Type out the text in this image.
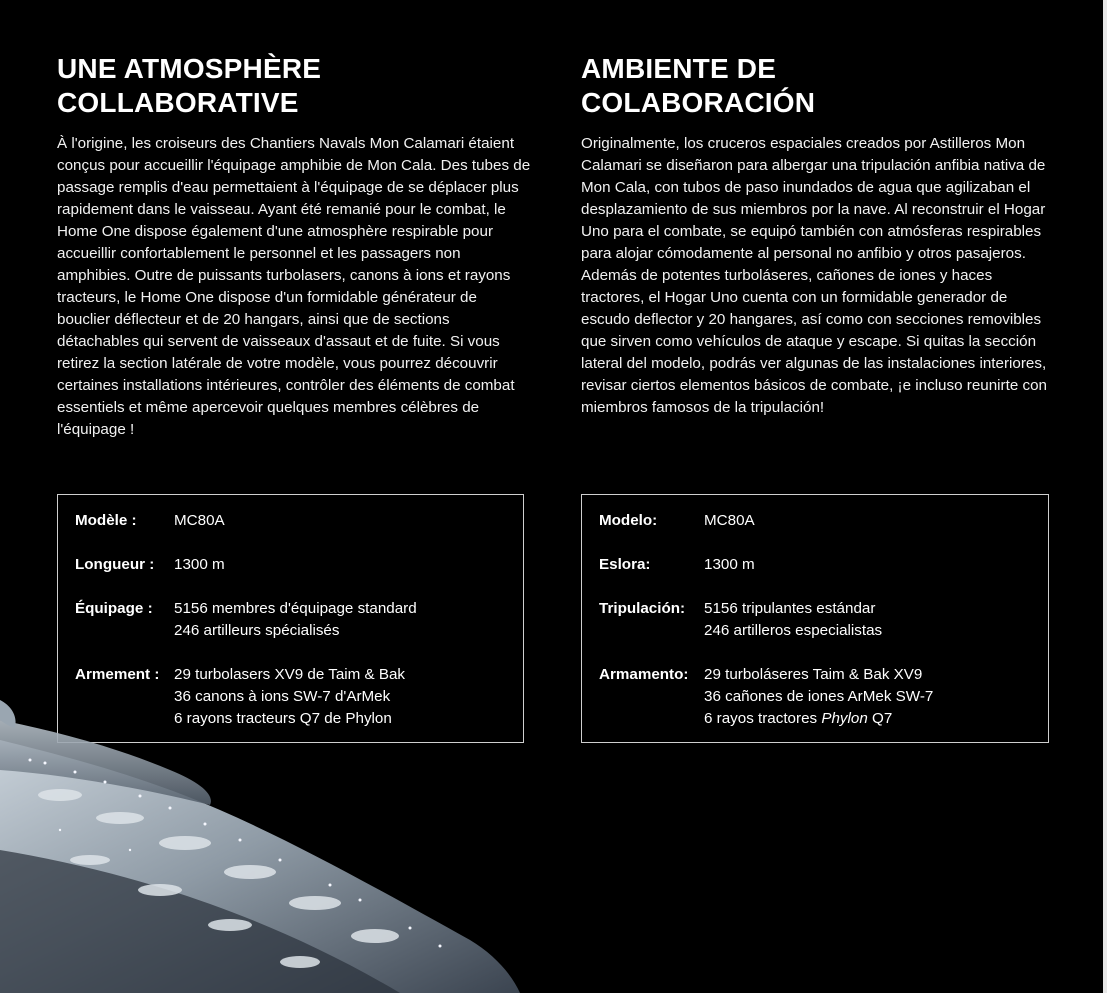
UNE ATMOSPHÈRE
COLLABORATIVE
À l'origine, les croiseurs des Chantiers Navals Mon Calamari étaient conçus pour accueillir l'équipage amphibie de Mon Cala. Des tubes de passage remplis d'eau permettaient à l'équipage de se déplacer plus rapidement dans le vaisseau. Ayant été remanié pour le combat, le Home One dispose également d'une atmosphère respirable pour accueillir confortablement le personnel et les passagers non amphibies. Outre de puissants turbolasers, canons à ions et rayons tracteurs, le Home One dispose d'un formidable générateur de bouclier déflecteur et de 20 hangars, ainsi que de sections détachables qui servent de vaisseaux d'assaut et de fuite. Si vous retirez la section latérale de votre modèle, vous pourrez découvrir certaines installations intérieures, contrôler des éléments de combat essentiels et même apercevoir quelques membres célèbres de l'équipage !
AMBIENTE DE
COLABORACIÓN
Originalmente, los cruceros espaciales creados por Astilleros Mon Calamari se diseñaron para albergar una tripulación anfibia nativa de Mon Cala, con tubos de paso inundados de agua que agilizaban el desplazamiento de sus miembros por la nave. Al reconstruir el Hogar Uno para el combate, se equipó también con atmósferas respirables para alojar cómodamente al personal no anfibio y otros pasajeros. Además de potentes turboláseres, cañones de iones y haces tractores, el Hogar Uno cuenta con un formidable generador de escudo deflector y 20 hangares, así como con secciones removibles que sirven como vehículos de ataque y escape. Si quitas la sección lateral del modelo, podrás ver algunas de las instalaciones interiores, revisar ciertos elementos básicos de combate, ¡e incluso reunirte con miembros famosos de la tripulación!
Modèle :	MC80A
Longueur :	1300 m
Équipage :	5156 membres d'équipage standard
246 artilleurs spécialisés
Armement : 29 turbolasers XV9 de Taim & Bak
36 canons à ions SW-7 d'ArMek
6 rayons tracteurs Q7 de Phylon
Modelo:	MC80A
Eslora:	1300 m
Tripulación:	5156 tripulantes estándar
246 artilleros especialistas
Armamento:	29 turboláseres Taim & Bak XV9
36 cañones de iones ArMek SW-7
6 rayos tractores Phylon Q7
